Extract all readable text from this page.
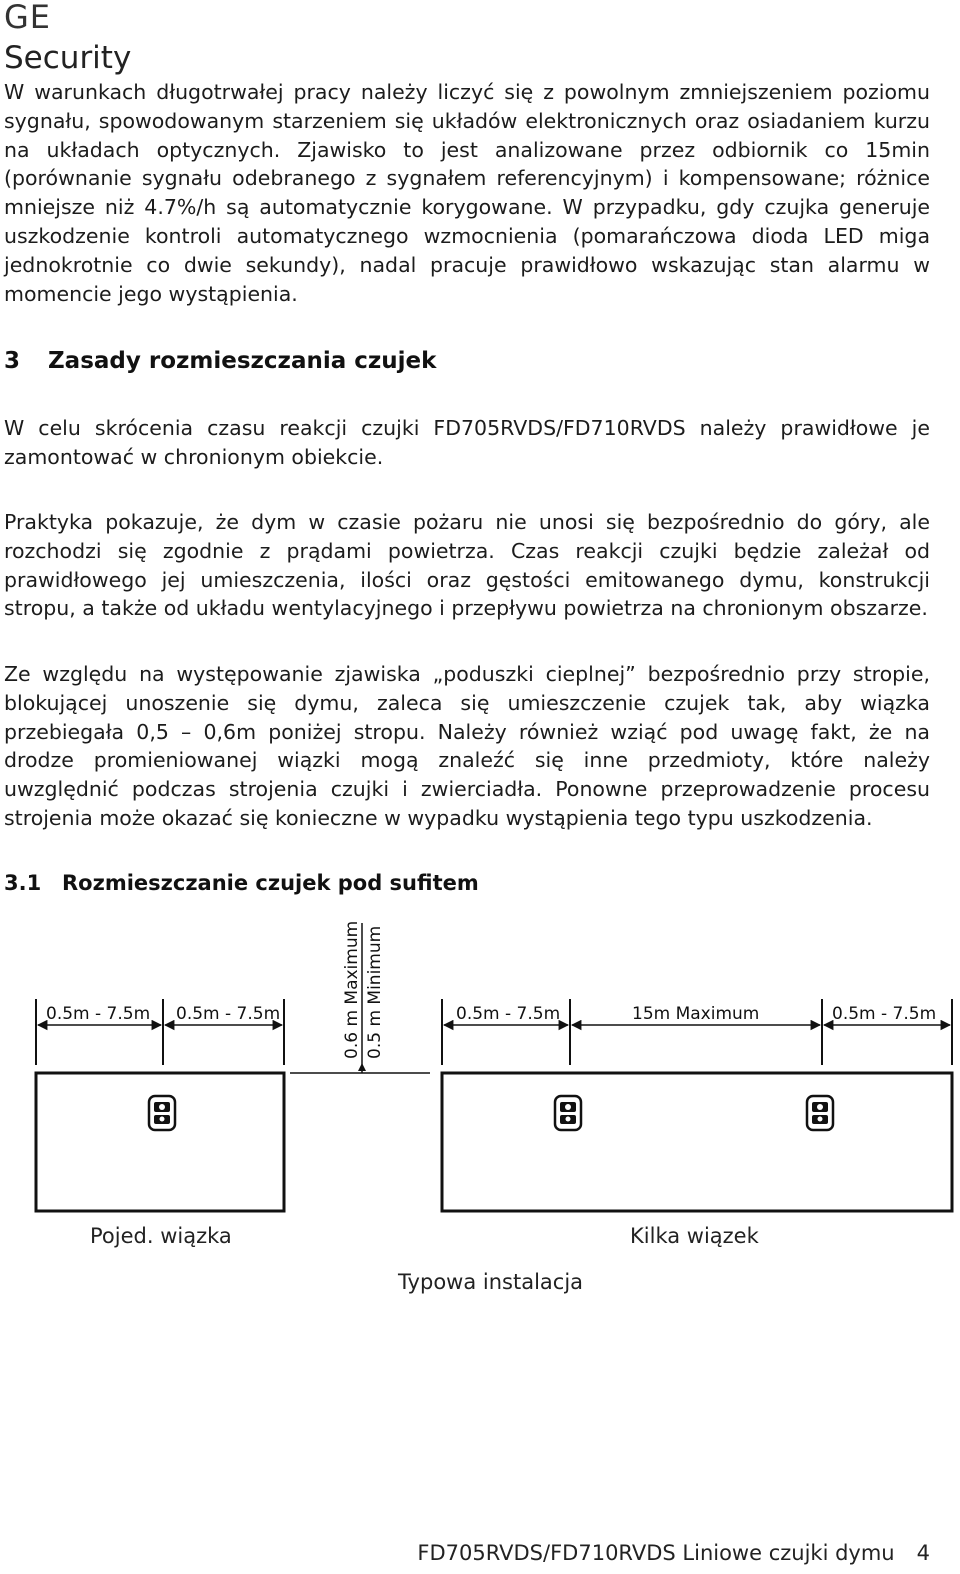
GE
Security
W warunkach długotrwałej pracy należy liczyć się z powolnym zmniejszeniem poziomu sygnału, spowodowanym starzeniem się układów elektronicznych oraz osiadaniem kurzu na układach optycznych. Zjawisko to jest analizowane przez odbiornik co 15min (porównanie sygnału odebranego z sygnałem referencyjnym) i kompensowane; różnice mniejsze niż 4.7%/h są automatycznie korygowane. W przypadku, gdy czujka generuje uszkodzenie kontroli automatycznego wzmocnienia (pomarańczowa dioda LED miga jednokrotnie co dwie sekundy), nadal pracuje prawidłowo wskazując stan alarmu w momencie jego wystąpienia.
3 Zasady rozmieszczania czujek
W celu skrócenia czasu reakcji czujki FD705RVDS/FD710RVDS należy prawidłowe je zamontować w chronionym obiekcie.
Praktyka pokazuje, że dym w czasie pożaru nie unosi się bezpośrednio do góry, ale rozchodzi się zgodnie z prądami powietrza. Czas reakcji czujki będzie zależał od prawidłowego jej umieszczenia, ilości oraz gęstości emitowanego dymu, konstrukcji stropu, a także od układu wentylacyjnego i przepływu powietrza na chronionym obszarze.
Ze względu na występowanie zjawiska „poduszki cieplnej” bezpośrednio przy stropie, blokującej unoszenie się dymu, zaleca się umieszczenie czujek tak, aby wiązka przebiegała 0,5 – 0,6m poniżej stropu. Należy również wziąć pod uwagę fakt, że na drodze promieniowanej wiązki mogą znaleźć się inne przedmioty, które należy uwzględnić podczas strojenia czujki i zwierciadła. Ponowne przeprowadzenie procesu strojenia może okazać się konieczne w wypadku wystąpienia tego typu uszkodzenia.
3.1 Rozmieszczanie czujek pod sufitem
0.5m - 7.5m 0.5m - 7.5m	0.5m - 7.5m	15m Maximum	0.5m - 7.5m
0.6 m Maximum 0.5 m Minimum
Pojed. wiązka	Kilka wiązek
Typowa instalacja
FD705RVDS/FD710RVDS Liniowe czujki dymu 4
